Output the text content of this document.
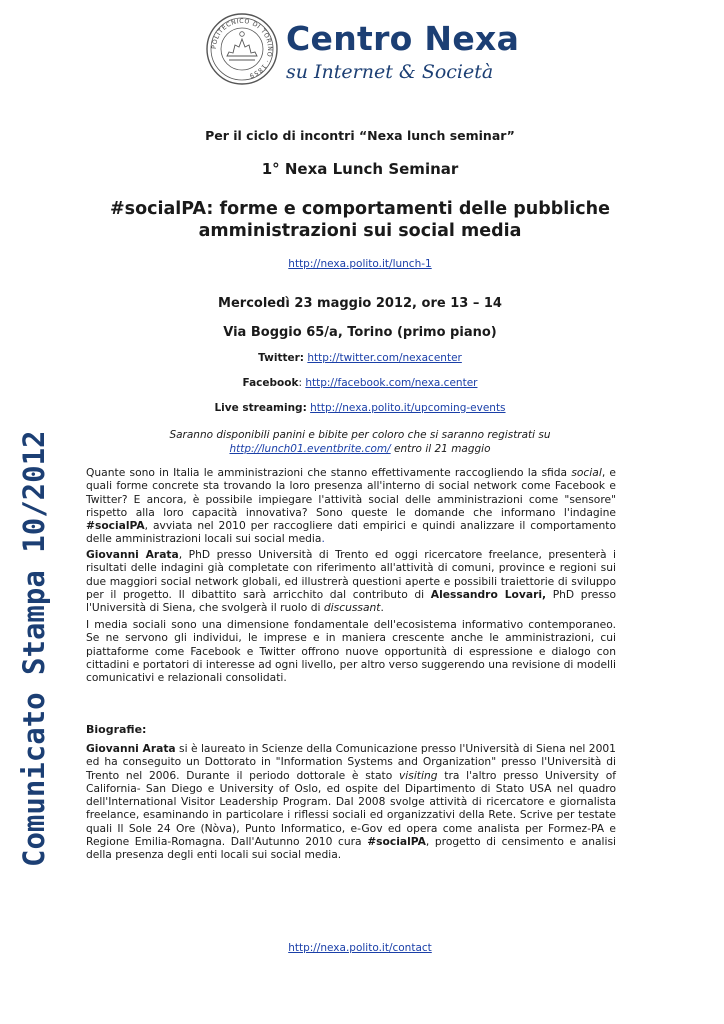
POLITECNICO DI TORINO · 1859
Centro Nexa
su Internet & Società
Comunicato Stampa 10/2012
Per il ciclo di incontri “Nexa lunch seminar”
1° Nexa Lunch Seminar
#socialPA: forme e comportamenti delle pubbliche
amministrazioni sui social media
http://nexa.polito.it/lunch-1
Mercoledì 23 maggio 2012, ore 13 – 14
Via Boggio 65/a, Torino (primo piano)
Twitter: http://twitter.com/nexacenter
Facebook: http://facebook.com/nexa.center
Live streaming: http://nexa.polito.it/upcoming-events
Saranno disponibili panini e bibite per coloro che si saranno registrati su
http://lunch01.eventbrite.com/ entro il 21 maggio
Quante sono in Italia le amministrazioni che stanno effettivamente raccogliendo la sfida social, e quali forme concrete sta trovando la loro presenza all'interno di social network come Facebook e Twitter? E ancora, è possibile impiegare l'attività social delle amministrazioni come "sensore" rispetto alla loro capacità innovativa? Sono queste le domande che informano l'indagine #socialPA, avviata nel 2010 per raccogliere dati empirici e quindi analizzare il comportamento delle amministrazioni locali sui social media.
Giovanni Arata, PhD presso Università di Trento ed oggi ricercatore freelance, presenterà i risultati delle indagini già completate con riferimento all'attività di comuni, province e regioni sui due maggiori social network globali, ed illustrerà questioni aperte e possibili traiettorie di sviluppo per il progetto. Il dibattito sarà arricchito dal contributo di Alessandro Lovari, PhD presso l'Università di Siena, che svolgerà il ruolo di discussant.
I media sociali sono una dimensione fondamentale dell'ecosistema informativo contemporaneo. Se ne servono gli individui, le imprese e in maniera crescente anche le amministrazioni, cui piattaforme come Facebook e Twitter offrono nuove opportunità di espressione e dialogo con cittadini e portatori di interesse ad ogni livello, per altro verso suggerendo una revisione di modelli comunicativi e relazionali consolidati.
Biografie:
Giovanni Arata si è laureato in Scienze della Comunicazione presso l'Università di Siena nel 2001 ed ha conseguito un Dottorato in "Information Systems and Organization" presso l'Università di Trento nel 2006. Durante il periodo dottorale è stato visiting tra l'altro presso University of California- San Diego e University of Oslo, ed ospite del Dipartimento di Stato USA nel quadro dell'International Visitor Leadership Program. Dal 2008 svolge attività di ricercatore e giornalista freelance, esaminando in particolare i riflessi sociali ed organizzativi della Rete. Scrive per testate quali Il Sole 24 Ore (Nòva), Punto Informatico, e-Gov ed opera come analista per Formez-PA e Regione Emilia-Romagna. Dall'Autunno 2010 cura #socialPA, progetto di censimento e analisi della presenza degli enti locali sui social media.
http://nexa.polito.it/contact
